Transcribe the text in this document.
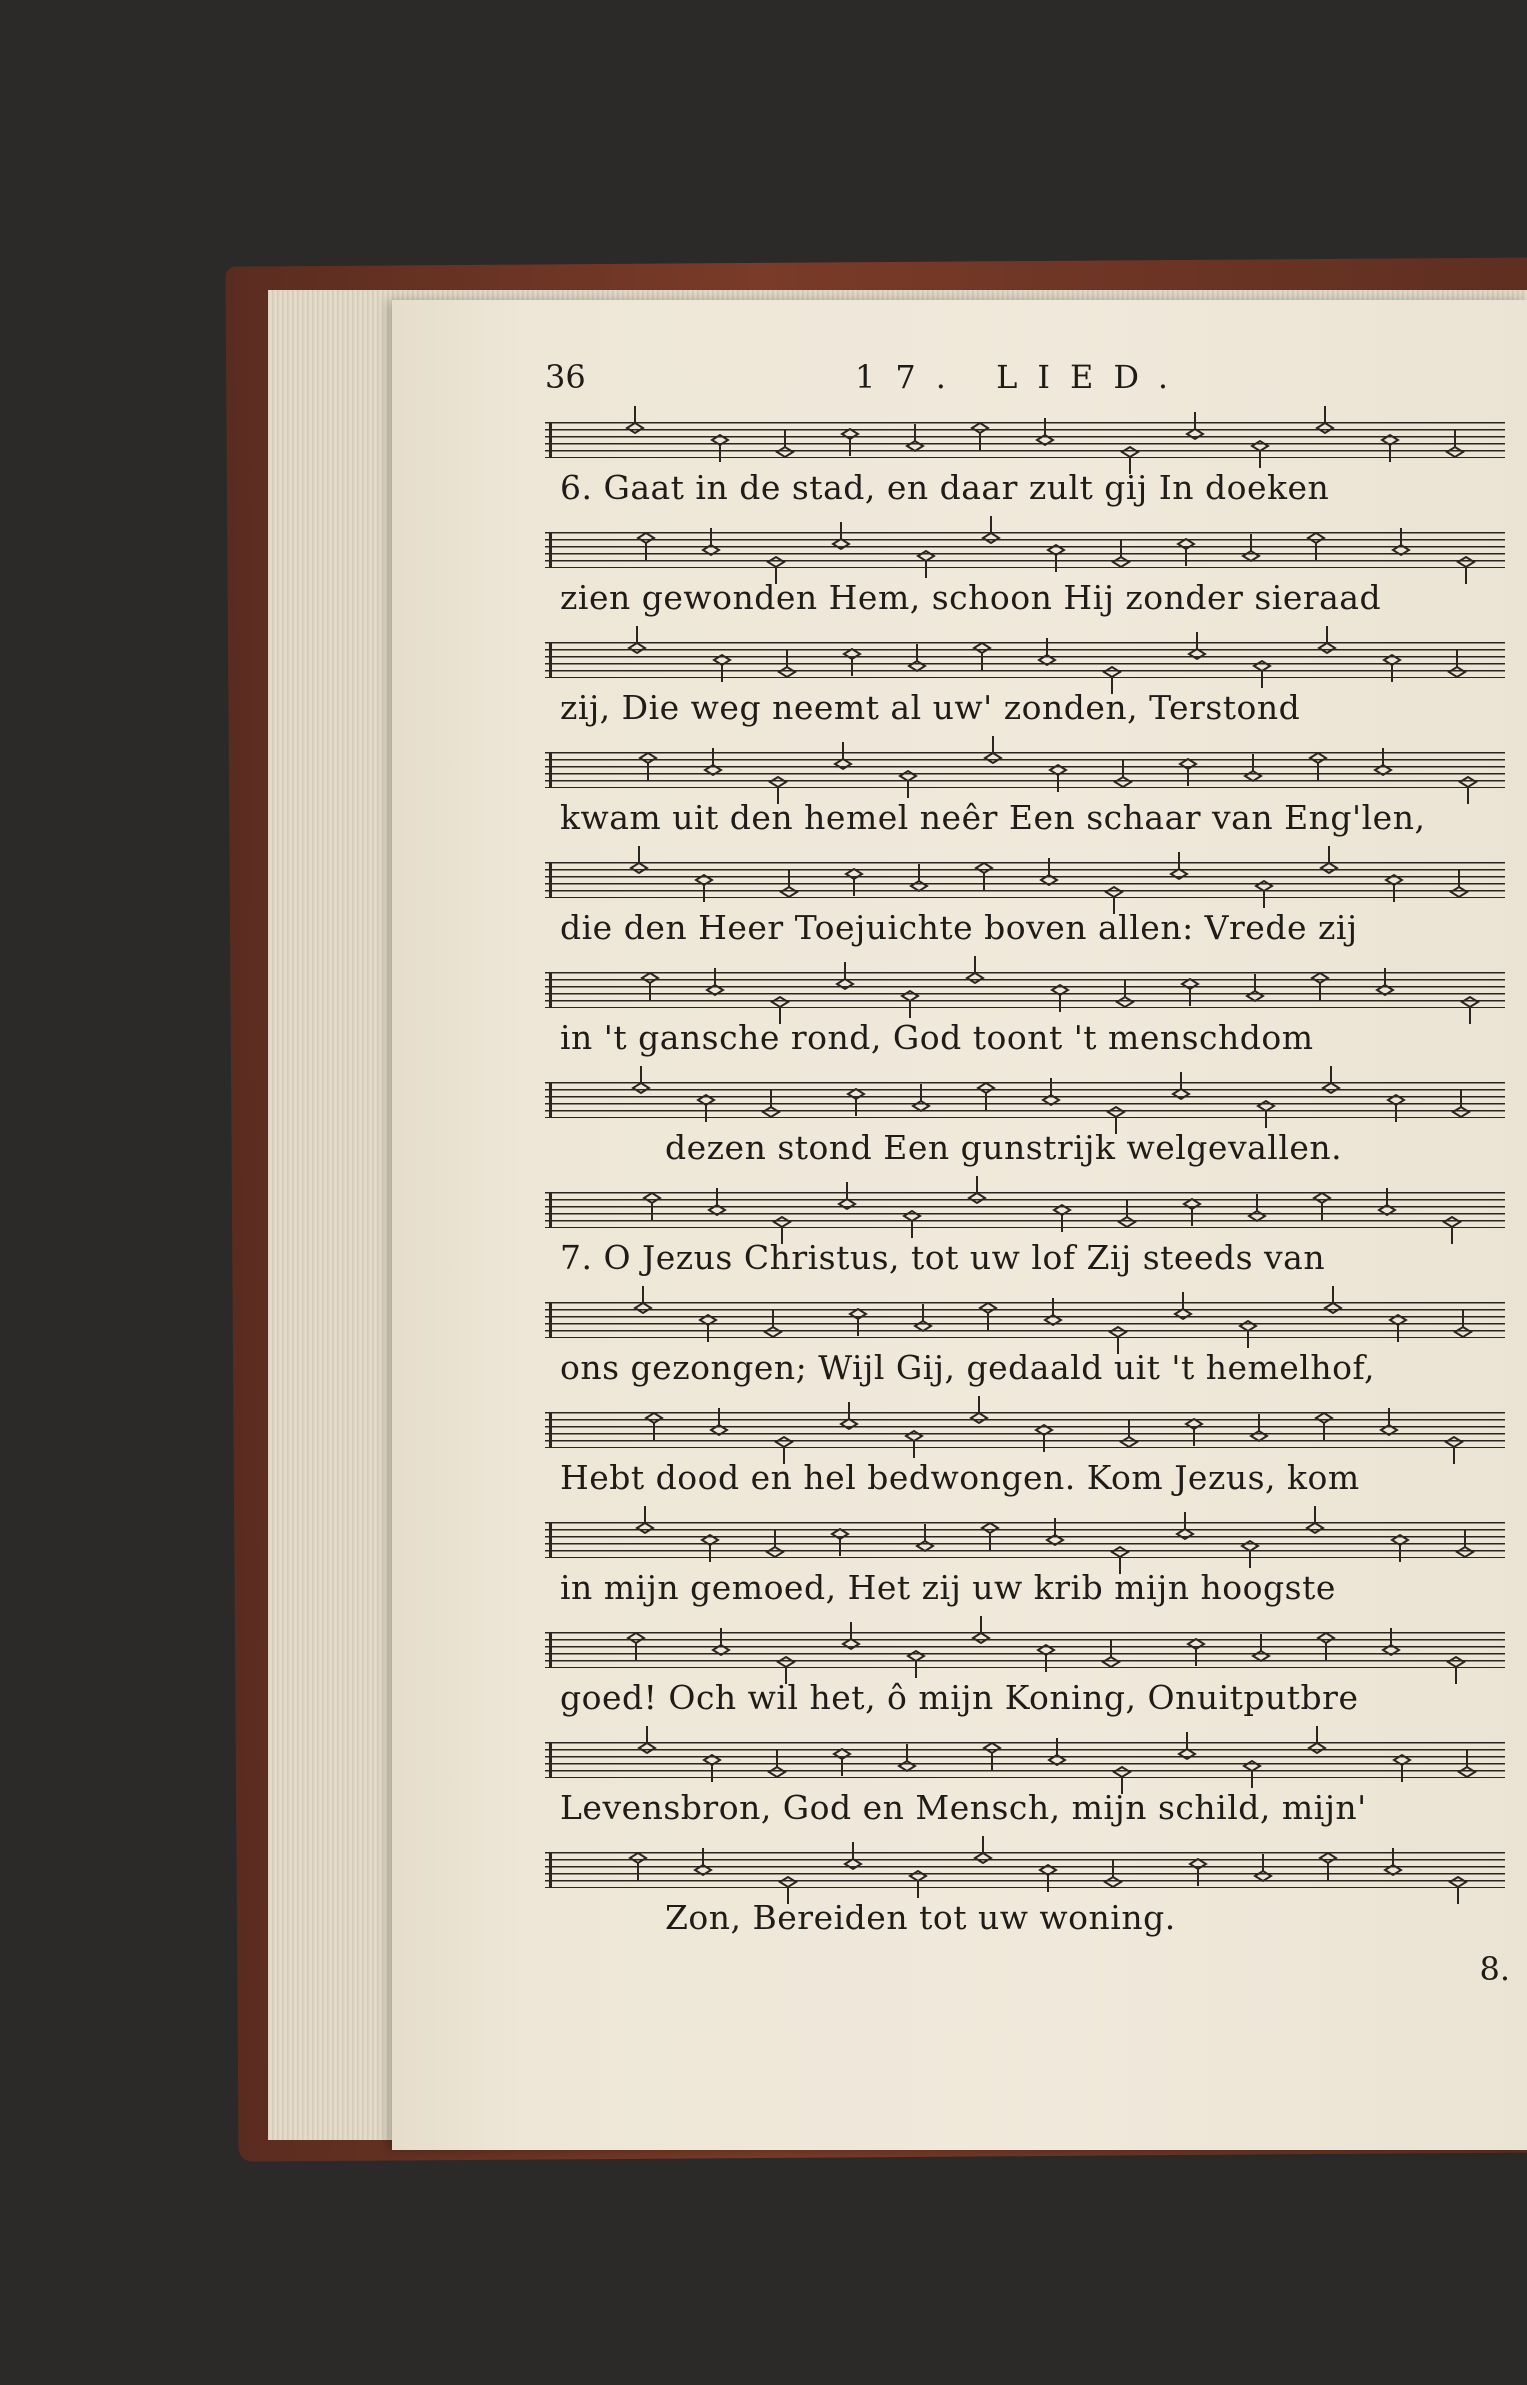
36	17. LIED.
6. Gaat in de stad, en daar zult gij In doeken
zien gewonden Hem, schoon Hij zonder sieraad
zij, Die weg neemt al uw' zonden, Terstond
kwam uit den hemel neêr Een schaar van Eng'len,
die den Heer Toejuichte boven allen: Vrede zij
in 't gansche rond, God toont 't menschdom
dezen stond Een gunstrijk welgevallen.
7. O Jezus Christus, tot uw lof Zij steeds van
ons gezongen; Wijl Gij, gedaald uit 't hemelhof,
Hebt dood en hel bedwongen. Kom Jezus, kom
in mijn gemoed, Het zij uw krib mijn hoogste
goed! Och wil het, ô mijn Koning, Onuitputbre
Levensbron, God en Mensch, mijn schild, mijn'
Zon, Bereiden tot uw woning.
8.
